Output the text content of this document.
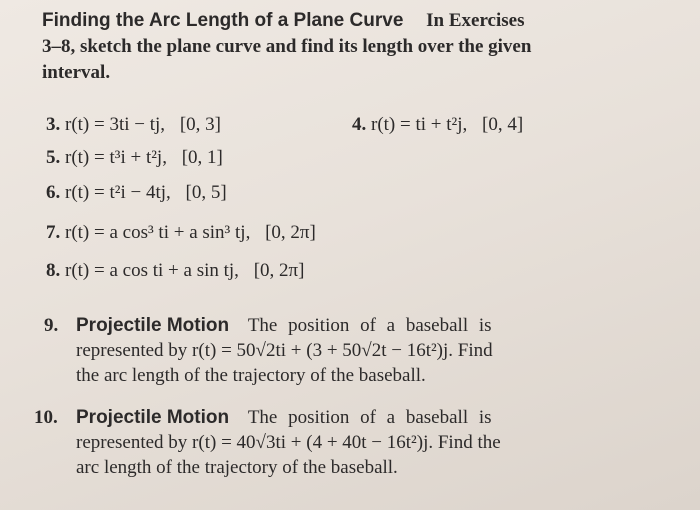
Finding the Arc Length of a Plane Curve In Exercises
3–8, sketch the plane curve and find its length over the given
interval.
3. r(t) = 3ti − tj, [0, 3]	4. r(t) = ti + t²j, [0, 4]
5. r(t) = t³i + t²j, [0, 1]
6. r(t) = t²i − 4tj, [0, 5]
7. r(t) = a cos³ ti + a sin³ tj, [0, 2π]
8. r(t) = a cos ti + a sin tj, [0, 2π]
9. Projectile Motion The position of a baseball is
represented by r(t) = 50√2ti + (3 + 50√2t − 16t²)j. Find
the arc length of the trajectory of the baseball.
10. Projectile Motion The position of a baseball is
represented by r(t) = 40√3ti + (4 + 40t − 16t²)j. Find the
arc length of the trajectory of the baseball.
